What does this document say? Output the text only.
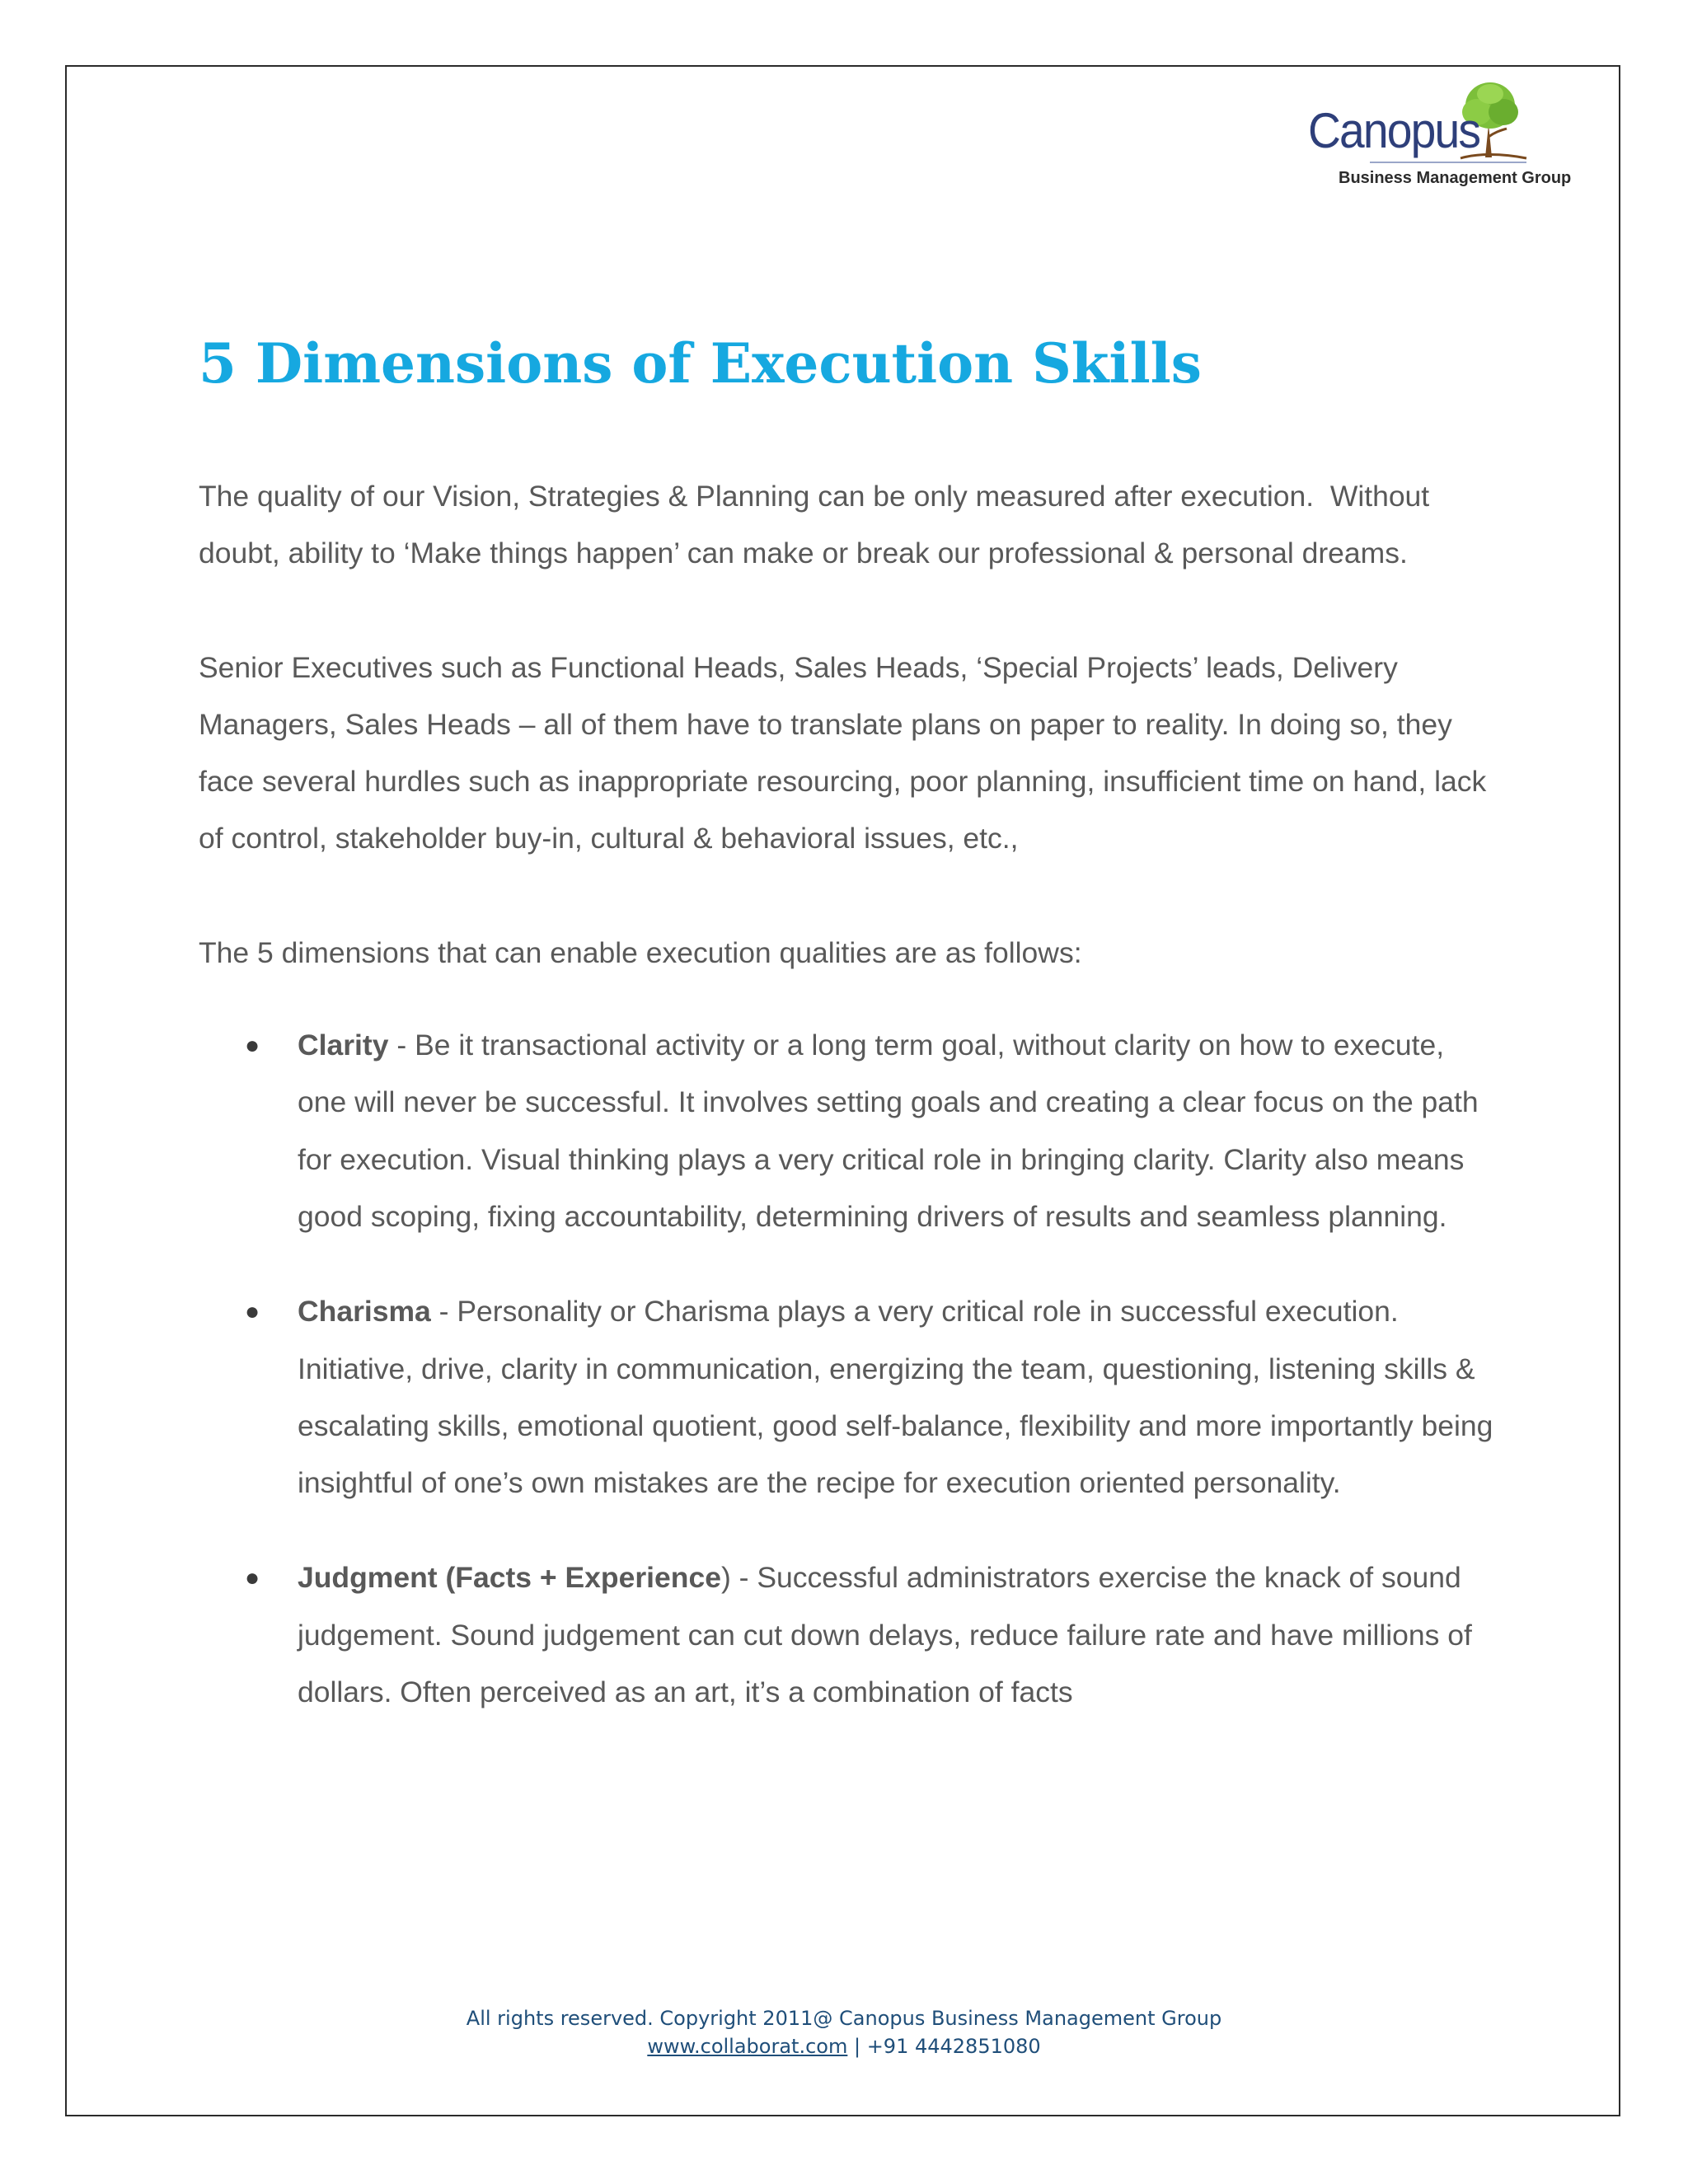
Canopus
Business Management Group
5 Dimensions of Execution Skills

The quality of our Vision, Strategies & Planning can be only measured after execution.  Without doubt, ability to ‘Make things happen’ can make or break our professional & personal dreams.

Senior Executives such as Functional Heads, Sales Heads, ‘Special Projects’ leads, Delivery Managers, Sales Heads – all of them have to translate plans on paper to reality. In doing so, they face several hurdles such as inappropriate resourcing, poor planning, insufficient time on hand, lack of control, stakeholder buy-in, cultural & behavioral issues, etc.,

The 5 dimensions that can enable execution qualities are as follows:

● Clarity - Be it transactional activity or a long term goal, without clarity on how to execute, one will never be successful. It involves setting goals and creating a clear focus on the path for execution. Visual thinking plays a very critical role in bringing clarity. Clarity also means good scoping, fixing accountability, determining drivers of results and seamless planning.
● Charisma - Personality or Charisma plays a very critical role in successful execution. Initiative, drive, clarity in communication, energizing the team, questioning, listening skills & escalating skills, emotional quotient, good self-balance, flexibility and more importantly being insightful of one’s own mistakes are the recipe for execution oriented personality.
● Judgment (Facts + Experience) - Successful administrators exercise the knack of sound judgement. Sound judgement can cut down delays, reduce failure rate and have millions of dollars. Often perceived as an art, it’s a combination of facts
All rights reserved. Copyright 2011@ Canopus Business Management Group
www.collaborat.com | +91 4442851080
